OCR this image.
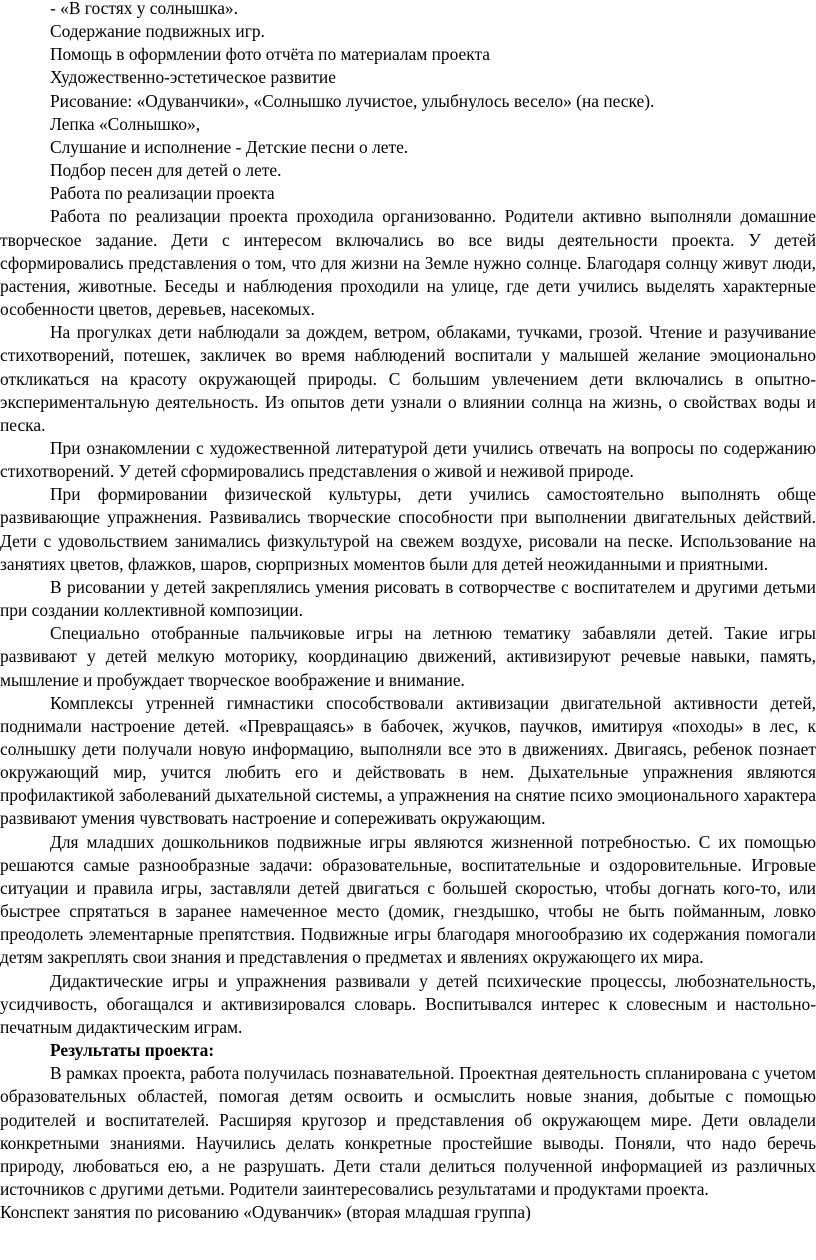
- «В гостях у солнышка».
Содержание подвижных игр.
Помощь в оформлении фото отчёта по материалам проекта
Художественно-эстетическое развитие
Рисование: «Одуванчики», «Солнышко лучистое, улыбнулось весело» (на песке).
Лепка «Солнышко»,
Слушание и исполнение - Детские песни о лете.
Подбор песен для детей о лете.
Работа по реализации проекта

Работа по реализации проекта проходила организованно. Родители активно выполняли домашние творческое задание. Дети с интересом включались во все виды деятельности проекта. У детей сформировались представления о том, что для жизни на Земле нужно солнце. Благодаря солнцу живут люди, растения, животные. Беседы и наблюдения проходили на улице, где дети учились выделять характерные особенности цветов, деревьев, насекомых.

На прогулках дети наблюдали за дождем, ветром, облаками, тучками, грозой. Чтение и разучивание стихотворений, потешек, закличек во время наблюдений воспитали у малышей желание эмоционально откликаться на красоту окружающей природы. С большим увлечением дети включались в опытно-экспериментальную деятельность. Из опытов дети узнали о влиянии солнца на жизнь, о свойствах воды и песка.

При ознакомлении с художественной литературой дети учились отвечать на вопросы по содержанию стихотворений. У детей сформировались представления о живой и неживой природе.

При формировании физической культуры, дети учились самостоятельно выполнять обще развивающие упражнения. Развивались творческие способности при выполнении двигательных действий. Дети с удовольствием занимались физкультурой на свежем воздухе, рисовали на песке. Использование на занятиях цветов, флажков, шаров, сюрпризных моментов были для детей неожиданными и приятными.

В рисовании у детей закреплялись умения рисовать в сотворчестве с воспитателем и другими детьми при создании коллективной композиции.

Специально отобранные пальчиковые игры на летнюю тематику забавляли детей. Такие игры развивают у детей мелкую моторику, координацию движений, активизируют речевые навыки, память, мышление и пробуждает творческое воображение и внимание.

Комплексы утренней гимнастики способствовали активизации двигательной активности детей, поднимали настроение детей. «Превращаясь» в бабочек, жучков, паучков, имитируя «походы» в лес, к солнышку дети получали новую информацию, выполняли все это в движениях. Двигаясь, ребенок познает окружающий мир, учится любить его и действовать в нем. Дыхательные упражнения являются профилактикой заболеваний дыхательной системы, а упражнения на снятие психо эмоционального характера развивают умения чувствовать настроение и сопереживать окружающим.

Для младших дошкольников подвижные игры являются жизненной потребностью. С их помощью решаются самые разнообразные задачи: образовательные, воспитательные и оздоровительные. Игровые ситуации и правила игры, заставляли детей двигаться с большей скоростью, чтобы догнать кого-то, или быстрее спрятаться в заранее намеченное место (домик, гнездышко, чтобы не быть пойманным, ловко преодолеть элементарные препятствия. Подвижные игры благодаря многообразию их содержания помогали детям закреплять свои знания и представления о предметах и явлениях окружающего их мира.

Дидактические игры и упражнения развивали у детей психические процессы, любознательность, усидчивость, обогащался и активизировался словарь. Воспитывался интерес к словесным и настольно-печатным дидактическим играм.

Результаты проекта:

В рамках проекта, работа получилась познавательной. Проектная деятельность спланирована с учетом образовательных областей, помогая детям освоить и осмыслить новые знания, добытые с помощью родителей и воспитателей. Расширяя кругозор и представления об окружающем мире. Дети овладели конкретными знаниями. Научились делать конкретные простейшие выводы. Поняли, что надо беречь природу, любоваться ею, а не разрушать. Дети стали делиться полученной информацией из различных источников с другими детьми. Родители заинтересовались результатами и продуктами проекта.

Конспект занятия по рисованию «Одуванчик» (вторая младшая группа)
